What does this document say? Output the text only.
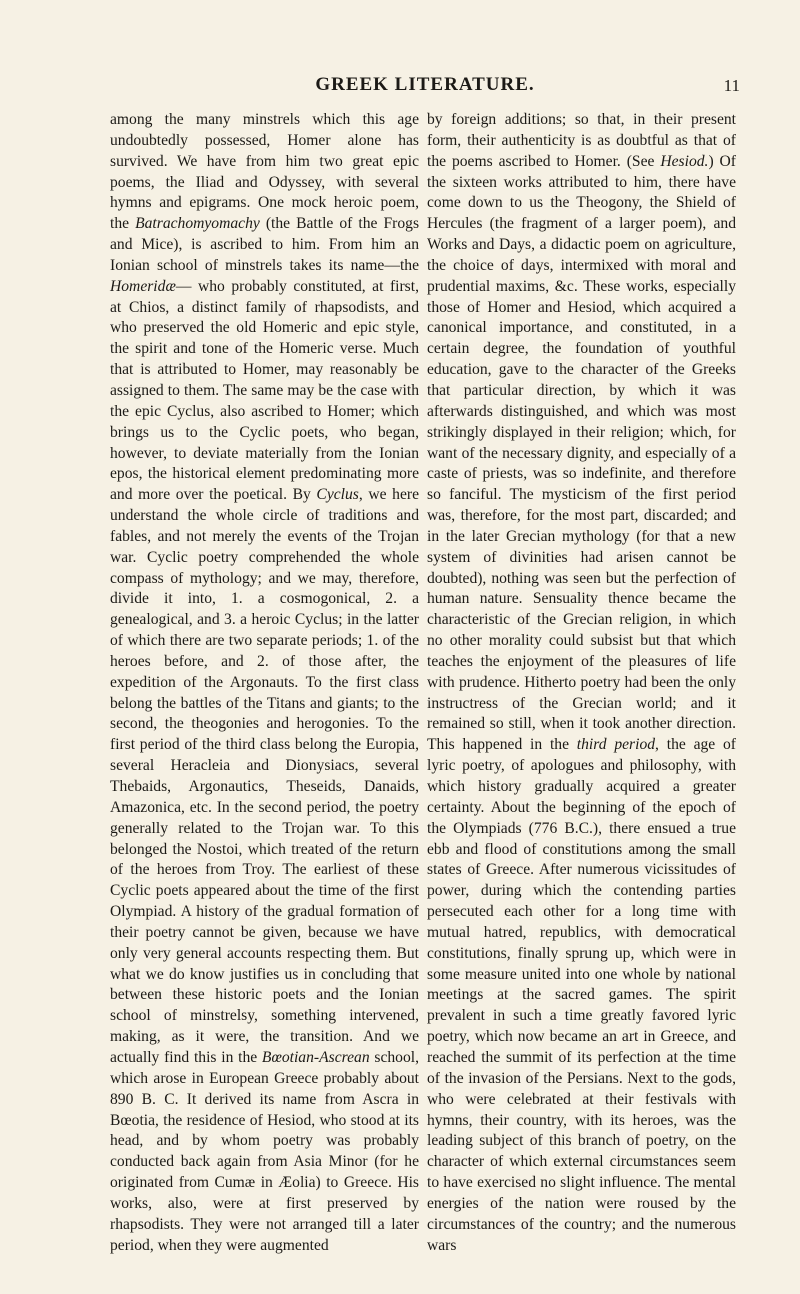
GREEK LITERATURE.	11

among the many minstrels which this age undoubtedly possessed, Homer alone has survived. We have from him two great epic poems, the Iliad and Odyssey, with several hymns and epigrams. One mock heroic poem, the Batrachomyomachy (the Battle of the Frogs and Mice), is ascribed to him. From him an Ionian school of minstrels takes its name—the Homeridæ— who probably constituted, at first, at Chios, a distinct family of rhapsodists, and who preserved the old Homeric and epic style, the spirit and tone of the Homeric verse. Much that is attributed to Homer, may reasonably be assigned to them. The same may be the case with the epic Cyclus, also ascribed to Homer; which brings us to the Cyclic poets, who began, however, to deviate materially from the Ionian epos, the historical element predominating more and more over the poetical. By Cyclus, we here understand the whole circle of traditions and fables, and not merely the events of the Trojan war. Cyclic poetry comprehended the whole compass of mythology; and we may, therefore, divide it into, 1. a cosmogonical, 2. a genealogical, and 3. a heroic Cyclus; in the latter of which there are two separate periods; 1. of the heroes before, and 2. of those after, the expedition of the Argonauts. To the first class belong the battles of the Titans and giants; to the second, the theogonies and herogonies. To the first period of the third class belong the Europia, several Heracleia and Dionysiacs, several Thebaids, Argonautics, Theseids, Danaids, Amazonica, etc. In the second period, the poetry generally related to the Trojan war. To this belonged the Nostoi, which treated of the return of the heroes from Troy. The earliest of these Cyclic poets appeared about the time of the first Olympiad. A history of the gradual formation of their poetry cannot be given, because we have only very general accounts respecting them. But what we do know justifies us in concluding that between these historic poets and the Ionian school of minstrelsy, something intervened, making, as it were, the transition. And we actually find this in the Bœotian-Ascrean school, which arose in European Greece probably about 890 B. C. It derived its name from Ascra in Bœotia, the residence of Hesiod, who stood at its head, and by whom poetry was probably conducted back again from Asia Minor (for he originated from Cumæ in Æolia) to Greece. His works, also, were at first preserved by rhapsodists. They were not arranged till a later period, when they were augmented

by foreign additions; so that, in their present form, their authenticity is as doubtful as that of the poems ascribed to Homer. (See Hesiod.) Of the sixteen works attributed to him, there have come down to us the Theogony, the Shield of Hercules (the fragment of a larger poem), and Works and Days, a didactic poem on agriculture, the choice of days, intermixed with moral and prudential maxims, &c. These works, especially those of Homer and Hesiod, which acquired a canonical importance, and constituted, in a certain degree, the foundation of youthful education, gave to the character of the Greeks that particular direction, by which it was afterwards distinguished, and which was most strikingly displayed in their religion; which, for want of the necessary dignity, and especially of a caste of priests, was so indefinite, and therefore so fanciful. The mysticism of the first period was, therefore, for the most part, discarded; and in the later Grecian mythology (for that a new system of divinities had arisen cannot be doubted), nothing was seen but the perfection of human nature. Sensuality thence became the characteristic of the Grecian religion, in which no other morality could subsist but that which teaches the enjoyment of the pleasures of life with prudence. Hitherto poetry had been the only instructress of the Grecian world; and it remained so still, when it took another direction. This happened in the third period, the age of lyric poetry, of apologues and philosophy, with which history gradually acquired a greater certainty. About the beginning of the epoch of the Olympiads (776 B.C.), there ensued a true ebb and flood of constitutions among the small states of Greece. After numerous vicissitudes of power, during which the contending parties persecuted each other for a long time with mutual hatred, republics, with democratical constitutions, finally sprung up, which were in some measure united into one whole by national meetings at the sacred games. The spirit prevalent in such a time greatly favored lyric poetry, which now became an art in Greece, and reached the summit of its perfection at the time of the invasion of the Persians. Next to the gods, who were celebrated at their festivals with hymns, their country, with its heroes, was the leading subject of this branch of poetry, on the character of which external circumstances seem to have exercised no slight influence. The mental energies of the nation were roused by the circumstances of the country; and the numerous wars
